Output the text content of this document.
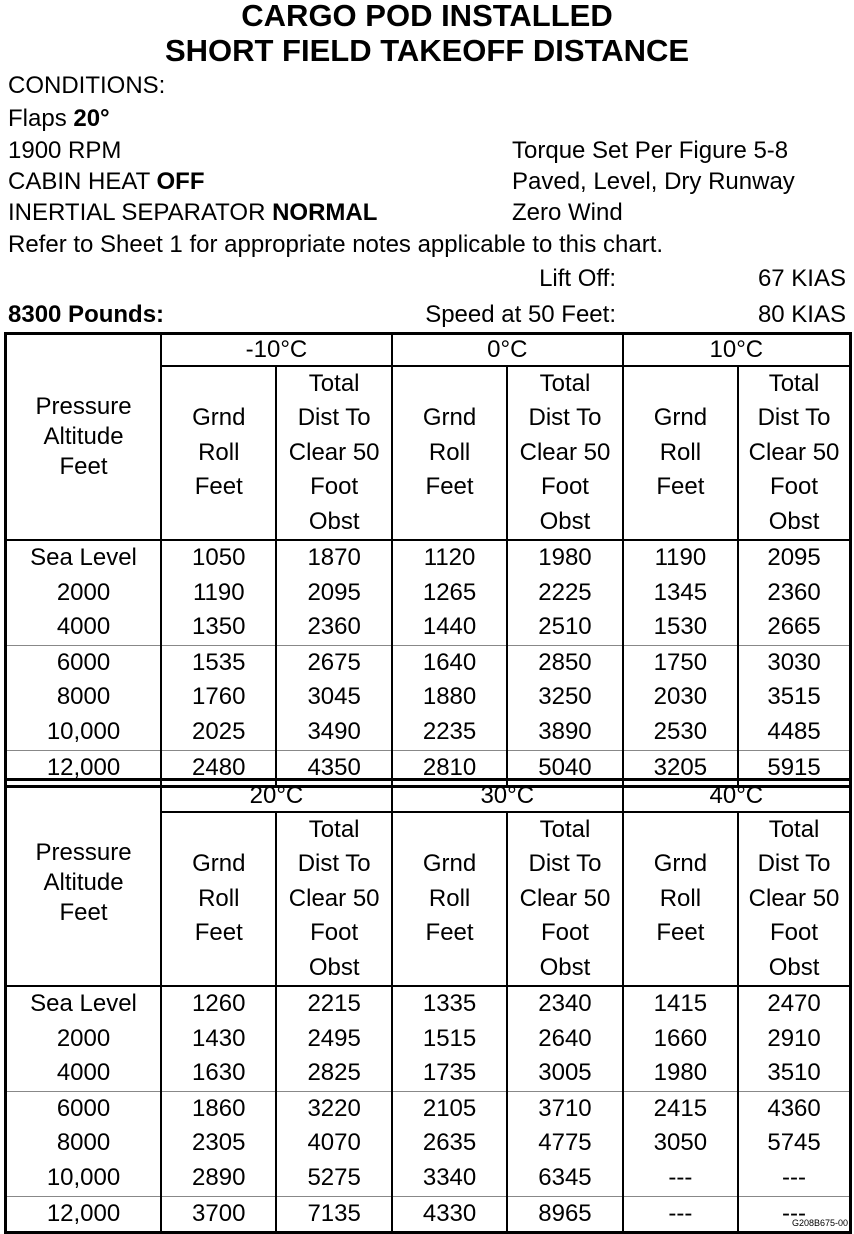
CARGO POD INSTALLED
SHORT FIELD TAKEOFF DISTANCE
CONDITIONS:
Flaps 20°
1900 RPM
CABIN HEAT OFF
INERTIAL SEPARATOR NORMAL
Torque Set Per Figure 5-8
Paved, Level, Dry Runway
Zero Wind
Refer to Sheet 1 for appropriate notes applicable to this chart.
Lift Off:	67 KIAS
8300 Pounds:	Speed at 50 Feet:	80 KIAS
Pressure
Altitude
Feet	-10°C		0°C		10°C	
	Grnd
Roll
Feet	Total
Dist To
Clear 50
Foot
Obst	Grnd
Roll
Feet	Total
Dist To
Clear 50
Foot
Obst	Grnd
Roll
Feet	Total
Dist To
Clear 50
Foot
Obst
Sea Level	1050	1870	1120	1980	1190	2095
2000	1190	2095	1265	2225	1345	2360
4000	1350	2360	1440	2510	1530	2665
6000	1535	2675	1640	2850	1750	3030
8000	1760	3045	1880	3250	2030	3515
10,000	2025	3490	2235	3890	2530	4485
12,000	2480	4350	2810	5040	3205	5915
Pressure
Altitude
Feet	20°C		30°C		40°C	
	Grnd
Roll
Feet	Total
Dist To
Clear 50
Foot
Obst	Grnd
Roll
Feet	Total
Dist To
Clear 50
Foot
Obst	Grnd
Roll
Feet	Total
Dist To
Clear 50
Foot
Obst
Sea Level	1260	2215	1335	2340	1415	2470
2000	1430	2495	1515	2640	1660	2910
4000	1630	2825	1735	3005	1980	3510
6000	1860	3220	2105	3710	2415	4360
8000	2305	4070	2635	4775	3050	5745
10,000	2890	5275	3340	6345	---	---
12,000	3700	7135	4330	8965	---	---
G208B675-00
